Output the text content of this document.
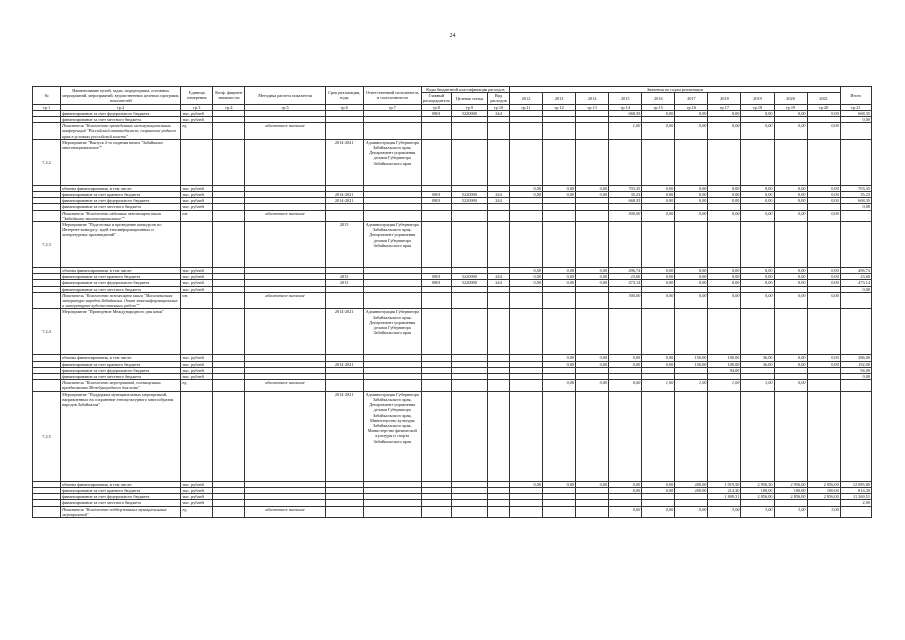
24
№	Наименование целей, задач, подпрограмм, основных мероприятий, мероприятий, ведомственных целевых программ, показателей	Единица измерения	Коэф. фициент значимости	Методика расчета показателя	Срок реализации, годы	Ответственный исполнитель и соисполнители	Коды бюджетной классификации расходов			Значения по годам реализации										Итого
							Главный распорядитель	Целевая статья	Вид расходов	2012	2013	2014	2015	2016	2017	2018	2019	2020	2021	
гр.1	гр.2	гр.3	гр.4	гр.5	гр.6	гр.7	гр.8	гр.9	гр.10	гр.11	гр.12	гр.13	гр.14	гр.15	гр.16	гр.17	гр.18	гр.19	гр.20	гр.21
	финансирование за счет федерального бюджета	тыс. рублей					0801	5220000	244				668,35	0,00	0,00	0,00	0,00	0,00	0,00	668,35
	финансирование за счет местного бюджета	тыс. рублей																		0,00
	Показатель "Количество проведенных межмуниципальных конференций "Российский автомобилист, сохранение родного края в условиях российской власти"	ед.		абсолютное значение									1,00	0,00	0,00	0,00	0,00	0,00	0,00	
7.2.2	Мероприятие "Выпуск 2-го издания книги "Забайкалье многонациональное""				2014-2021	Администрация Губернатора Забайкальского края, Департамент управления делами Губернатора Забайкальского края														
	объемы финансирования, в том числе:	тыс. рублей								0,00	0,00	0,00	703,35	0,00	0,00	0,00	0,00	0,00	0,00	703,35
	финансирование за счет краевого бюджета	тыс. рублей			2014-2021		0801	5220000	244	0,00	0,00	0,00	35,23	0,00	0,00	0,00	0,00	0,00	0,00	35,23
	финансирование за счет федерального бюджета	тыс. рублей			2014-2021		0801	5220000	244				668,35	0,00	0,00	0,00	0,00	0,00	0,00	668,35
	финансирование за счет местного бюджета	тыс. рублей																		0,00
	Показатель "Количество изданных экземпляров книги "Забайкалье многонациональное""	шт.		абсолютное значение									500,00	0,00	0,00	0,00	0,00	0,00	0,00	
7.2.3	Мероприятие "Подготовка и проведение конкурсов по Интернет-конкурсу: идей этноинформационных и литературных произведений"				2015	Администрация Губернатора Забайкальского края, Департамент управления делами Губернатора Забайкальского края														
	объемы финансирования, в том числе:	тыс. рублей								0,00	0,00	0,00	496,74	0,00	0,00	0,00	0,00	0,00	0,00	496,74
	финансирование за счет краевого бюджета	тыс. рублей			2015		0801	5220000	244	0,00	0,00	0,00	23,60	0,00	0,00	0,00	0,00	0,00	0,00	23,60
	финансирование за счет федерального бюджета	тыс. рублей			2015		0801	5220000	244	0,00	0,00	0,00	473,14	0,00	0,00	0,00	0,00	0,00	0,00	473,14
	финансирование за счет местного бюджета	тыс. рублей																		0,00
	Показатель "Количество экземпляров книги "Многоязычная литература народов Забайкалья. Опыт этноинформационных и литературно-художественных работ""	шт.		абсолютное значение									300,00	0,00	0,00	0,00	0,00	0,00	0,00	
7.2.4	Мероприятие "Проведение Международного дня коми"				2014-2021	Администрация Губернатора Забайкальского края, Департамент управления делами Губернатора Забайкальского края														
	объемы финансирования, в том числе:	тыс. рублей									0,00	0,00	0,00	0,00	150,00	100,00	36,00	0,00	0,00	286,00
	финансирование за счет краевого бюджета	тыс. рублей			2014-2021						0,00	0,00	0,00	0,00	150,00	100,00	36,00	0,00	0,00	192,00
	финансирование за счет федерального бюджета	тыс. рублей														94,00				94,00
	финансирование за счет местного бюджета	тыс. рублей																		0,00
	Показатель "Количество мероприятий, посвященных празднованию Международного дня коми"	ед.		абсолютное значение							0,00	0,00	0,00	1,00	1,00	1,00	1,00	0,00		
7.2.5	Мероприятие "Поддержка муниципальных мероприятий, направленных на сохранение этнокультурного многообразия народов Забайкалья"				2014-2021	Администрация Губернатора Забайкальского края, Департамент управления делами Губернатора Забайкальского края, Министерство культуры Забайкальского края, Министерство физической культуры и спорта Забайкальского края														
	объемы финансирования, в том числе:	тыс. рублей								0,00	0,00	0,00	0,00	0,00	200,00	1 019,50	2 956,30	2 956,00	2 956,00	12 085,80
	финансирование за счет краевого бюджета	тыс. рублей											0,00	0,00	200,00	214,30	100,00	100,00	100,00	814,30
	финансирование за счет федерального бюджета	тыс. рублей														1 809,31	2 856,00	2 856,00	2 856,00	11 269,51
	финансирование за счет местного бюджета	тыс. рублей																		2,00
	Показатель "Количество поддержанных муниципальных мероприятий"	ед.		абсолютное значение									0,00	0,00	0,00	3,00	3,00	3,00	3,00	
